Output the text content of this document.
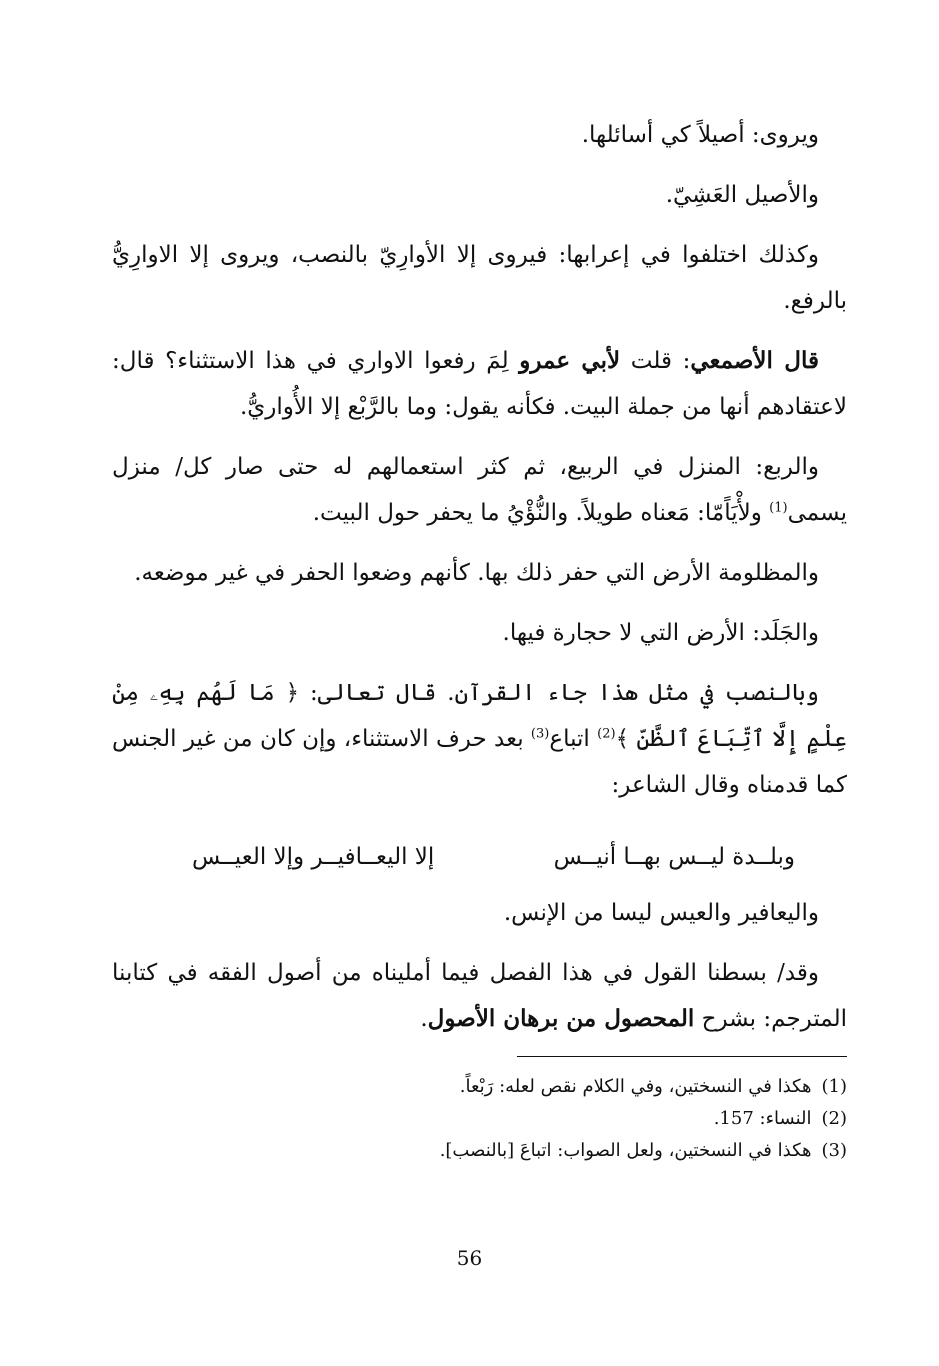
ويروى: أصيلاً كي أسائلها.

والأصيل العَشِيّ.

وكذلك اختلفوا في إعرابها: فيروى إلا الأوارِيّ بالنصب، ويروى إلا الاوارِيُّ بالرفع.

قال الأصمعي: قلت لأبي عمرو لِمَ رفعوا الاواري في هذا الاستثناء؟ قال: لاعتقادهم أنها من جملة البيت. فكأنه يقول: وما بالرَّبْع إلا الأُواريُّ.

والربع: المنزل في الربيع، ثم كثر استعمالهم له حتى صار كل/ منزل يسمى$^{(1)}$ ولأْيَاًمّا: مَعناه طويلاً. والنُّؤْيُ ما يحفر حول البيت.

والمظلومة الأرض التي حفر ذلك بها. كأنهم وضعوا الحفر في غير موضعه.

والجَلَد: الأرض التي لا حجارة فيها.

وبالنصب في مثل هذا جاء القرآن. قال تعالى: ﴿ مَا لَهُم بِهِۦ مِنْ عِلْمٍ إِلَّا ٱتِّبَاعَ ٱلظَّنِّ ﴾$^{(2)}$ اتباع$^{(3)}$ بعد حرف الاستثناء، وإن كان من غير الجنس كما قدمناه وقال الشاعر:

وبلــدة ليــس بهــا أنيــس
إلا اليعــافيــر وإلا العيــس

واليعافير والعيس ليسا من الإنس.

وقد/ بسطنا القول في هذا الفصل فيما أمليناه من أصول الفقه في كتابنا المترجم: بشرح المحصول من برهان الأصول.

(1)
هكذا في النسختين، وفي الكلام نقص لعله: رَبْعاً.
(2)
النساء: 157.
(3)
هكذا في النسختين، ولعل الصواب: اتباعَ [بالنصب].
56
